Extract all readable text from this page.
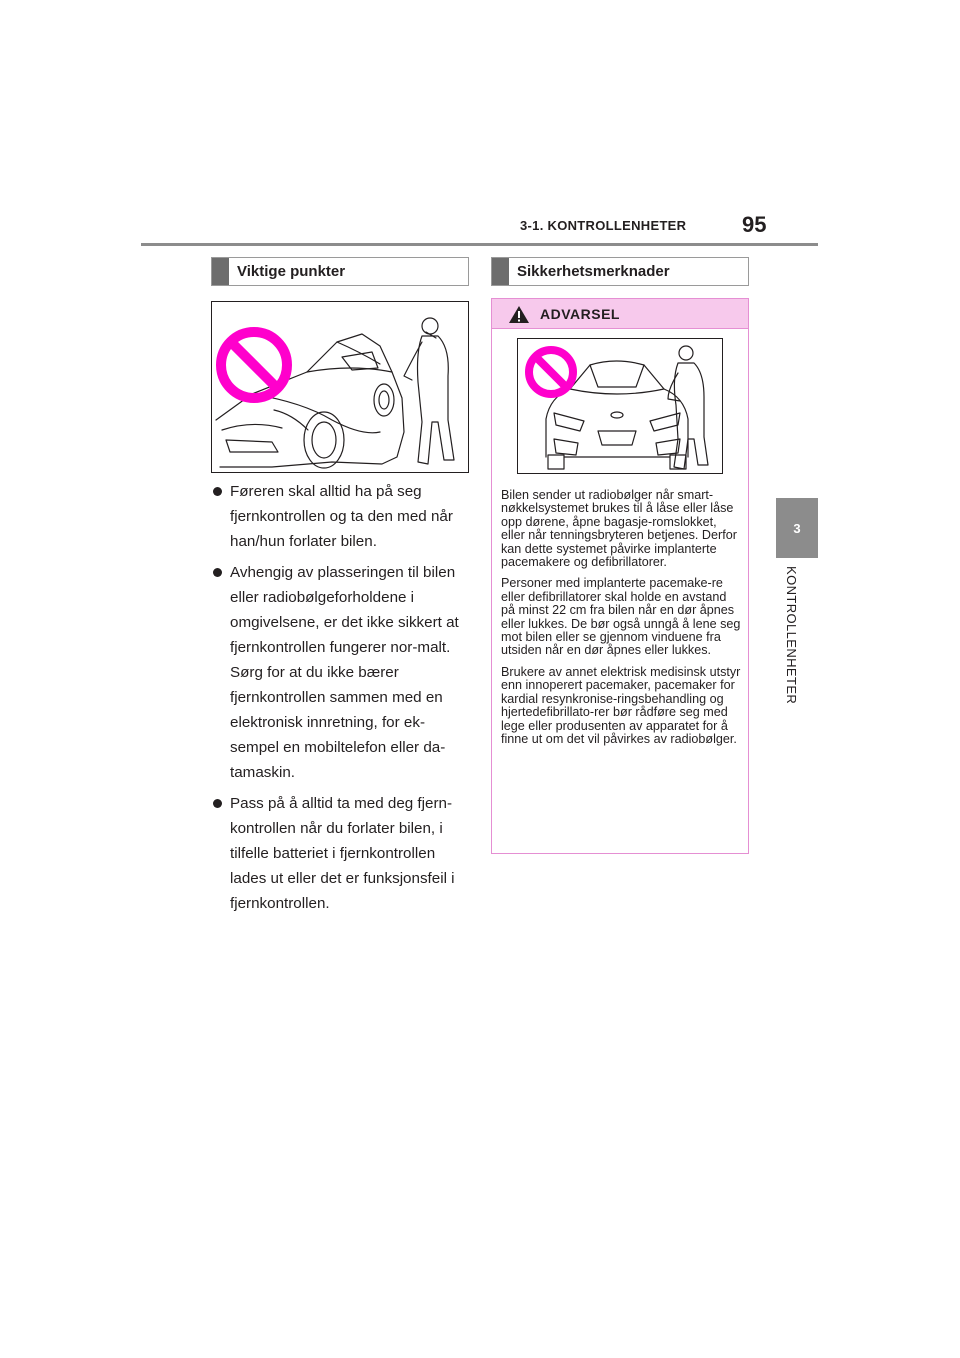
3-1. KONTROLLENHETER	95
3
KONTROLLENHETER
Viktige punkter
Føreren skal alltid ha på seg fjernkontrollen og ta den med når han/hun forlater bilen.
Avhengig av plasseringen til bilen eller radiobølgeforholdene i omgivelsene, er det ikke sikkert at fjernkontrollen fungerer nor-malt. Sørg for at du ikke bærer fjernkontrollen sammen med en elektronisk innretning, for ek-sempel en mobiltelefon eller da-tamaskin.
Pass på å alltid ta med deg fjern-kontrollen når du forlater bilen, i tilfelle batteriet i fjernkontrollen lades ut eller det er funksjonsfeil i fjernkontrollen.
Sikkerhetsmerknader
ADVARSEL

Bilen sender ut radiobølger når smart-nøkkelsystemet brukes til å låse eller låse opp dørene, åpne bagasje-romslokket, eller når tenningsbryteren betjenes. Derfor kan dette systemet påvirke implanterte pacemakere og defibrillatorer.

Personer med implanterte pacemake-re eller defibrillatorer skal holde en avstand på minst 22 cm fra bilen når en dør åpnes eller lukkes. De bør også unngå å lene seg mot bilen eller se gjennom vinduene fra utsiden når en dør åpnes eller lukkes.

Brukere av annet elektrisk medisinsk utstyr enn innoperert pacemaker, pacemaker for kardial resynkronise-ringsbehandling og hjertedefibrillato-rer bør rådføre seg med lege eller produsenten av apparatet for å finne ut om det vil påvirkes av radiobølger.
